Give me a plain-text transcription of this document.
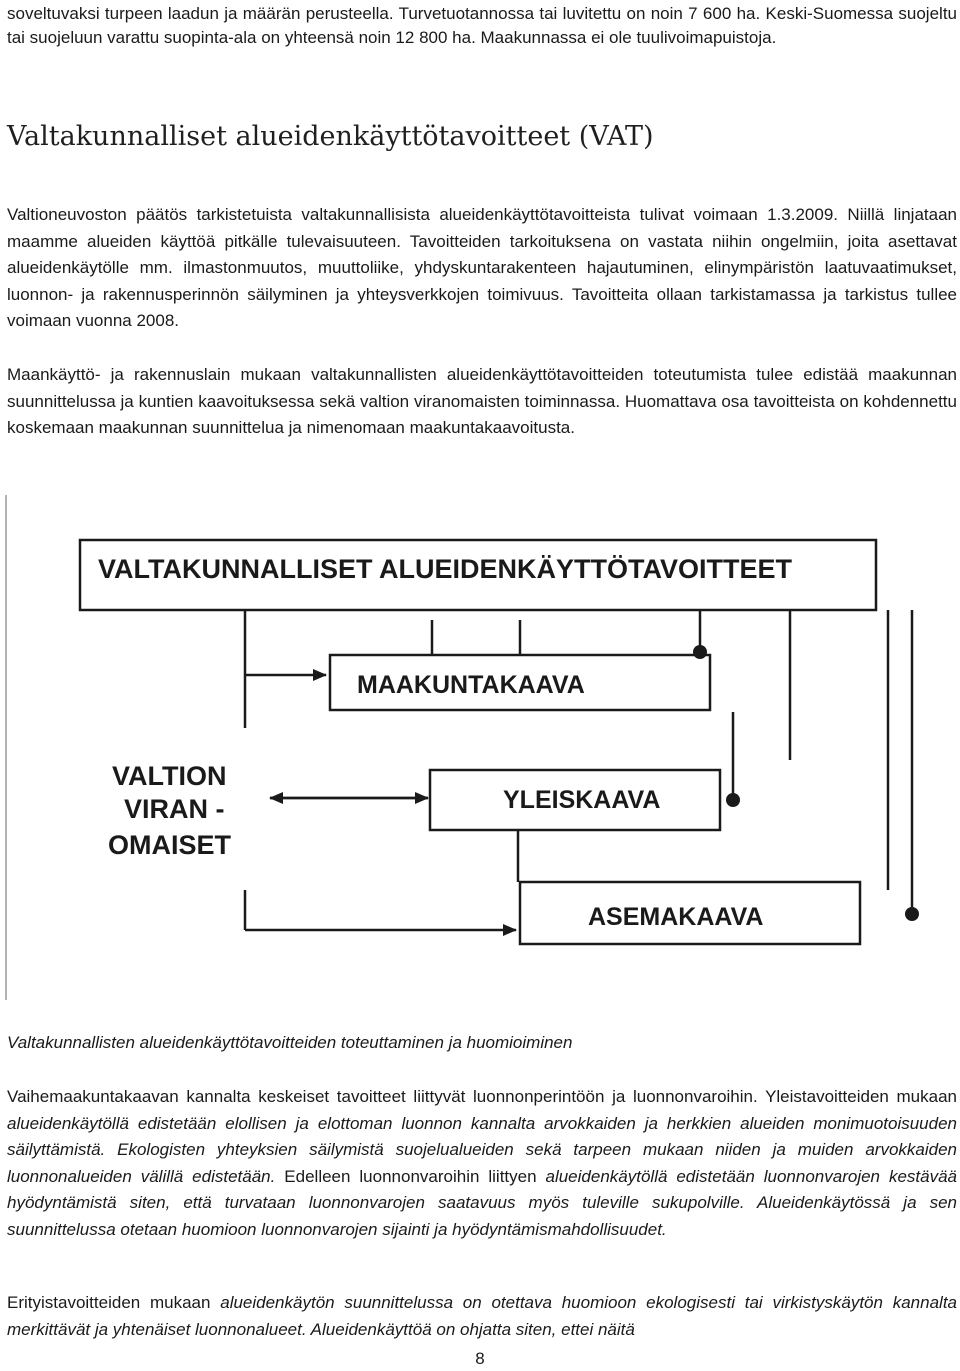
soveltuvaksi turpeen laadun ja määrän perusteella. Turvetuotannossa tai luvitettu on noin 7 600 ha. Keski-Suomessa suojeltu tai suojeluun varattu suopinta-ala on yhteensä noin 12 800 ha. Maakunnassa ei ole tuulivoimapuistoja.
Valtakunnalliset alueidenkäyttötavoitteet (VAT)
Valtioneuvoston päätös tarkistetuista valtakunnallisista alueidenkäyttötavoitteista tulivat voimaan 1.3.2009. Niillä linjataan maamme alueiden käyttöä pitkälle tulevaisuuteen. Tavoitteiden tarkoituksena on vastata niihin ongelmiin, joita asettavat alueidenkäytölle mm. ilmastonmuutos, muuttoliike, yhdyskuntarakenteen hajautuminen, elinympäristön laatuvaatimukset, luonnon- ja rakennusperinnön säilyminen ja yhteysverkkojen toimivuus. Tavoitteita ollaan tarkistamassa ja tarkistus tullee voimaan vuonna 2008.
Maankäyttö- ja rakennuslain mukaan valtakunnallisten alueidenkäyttötavoitteiden toteutumista tulee edistää maakunnan suunnittelussa ja kuntien kaavoituksessa sekä valtion viranomaisten toiminnassa. Huomattava osa tavoitteista on kohdennettu koskemaan maakunnan suunnittelua ja nimenomaan maakuntakaavoitusta.
VALTAKUNNALLISET ALUEIDENKÄYTTÖTAVOITTEET
MAAKUNTAKAAVA
YLEISKAAVA
ASEMAKAAVA
VALTION
VIRAN -
OMAISET
Valtakunnallisten alueidenkäyttötavoitteiden toteuttaminen ja huomioiminen
Vaihemaakuntakaavan kannalta keskeiset tavoitteet liittyvät luonnonperintöön ja luonnonvaroihin. Yleistavoitteiden mukaan alueidenkäytöllä edistetään elollisen ja elottoman luonnon kannalta arvokkaiden ja herkkien alueiden monimuotoisuuden säilyttämistä. Ekologisten yhteyksien säilymistä suojelualueiden sekä tarpeen mukaan niiden ja muiden arvokkaiden luonnonalueiden välillä edistetään. Edelleen luonnonvaroihin liittyen alueidenkäytöllä edistetään luonnonvarojen kestävää hyödyntämistä siten, että turvataan luonnonvarojen saatavuus myös tuleville sukupolville. Alueidenkäytössä ja sen suunnittelussa otetaan huomioon luonnonvarojen sijainti ja hyödyntämismahdollisuudet.
Erityistavoitteiden mukaan alueidenkäytön suunnittelussa on otettava huomioon ekologisesti tai virkistyskäytön kannalta merkittävät ja yhtenäiset luonnonalueet. Alueidenkäyttöä on ohjatta siten, ettei näitä
8
